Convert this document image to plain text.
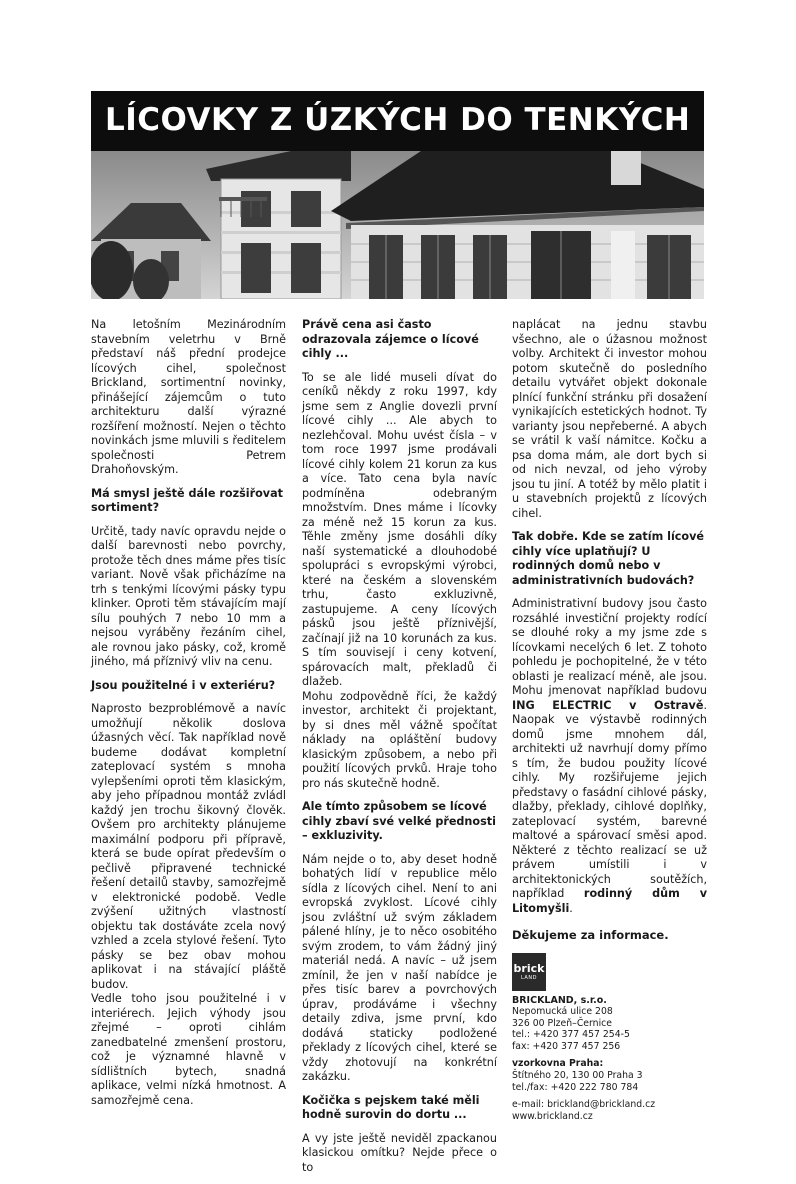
LÍCOVKY Z ÚZKÝCH DO TENKÝCH

Na letošním Mezinárodním stavebním veletrhu v Brně představí náš přední prodejce lícových cihel, společnost Brickland, sortimentní novinky, přinášející zájemcům o tuto architekturu další výrazné rozšíření možností. Nejen o těchto novinkách jsme mluvili s ředitelem společnosti Petrem Drahoňovským.

Má smysl ještě dále rozšiřovat sortiment?

Určitě, tady navíc opravdu nejde o další barevnosti nebo povrchy, protože těch dnes máme přes tisíc variant. Nově však přicházíme na trh s tenkými lícovými pásky typu klinker. Oproti těm stávajícím mají sílu pouhých 7 nebo 10 mm a nejsou vyráběny řezáním cihel, ale rovnou jako pásky, což, kromě jiného, má příznivý vliv na cenu.

Jsou použitelné i v exteriéru?

Naprosto bezproblémově a navíc umožňují několik doslova úžasných věcí. Tak například nově budeme dodávat kompletní zateplovací systém s mnoha vylepšeními oproti těm klasickým, aby jeho případnou montáž zvládl každý jen trochu šikovný člověk. Ovšem pro architekty plánujeme maximální podporu při přípravě, která se bude opírat především o pečlivě připravené technické řešení detailů stavby, samozřejmě v elektronické podobě. Vedle zvýšení užitných vlastností objektu tak dostáváte zcela nový vzhled a zcela stylové řešení. Tyto pásky se bez obav mohou aplikovat i na stávající pláště budov.

Vedle toho jsou použitelné i v interiérech. Jejich výhody jsou zřejmé – oproti cihlám zanedbatelné zmenšení prostoru, což je významné hlavně v sídlištních bytech, snadná aplikace, velmi nízká hmotnost. A samozřejmě cena.

Právě cena asi často odrazovala zájemce o lícové cihly ...

To se ale lidé museli dívat do ceníků někdy z roku 1997, kdy jsme sem z Anglie dovezli první lícové cihly ... Ale abych to nezlehčoval. Mohu uvést čísla – v tom roce 1997 jsme prodávali lícové cihly kolem 21 korun za kus a více. Tato cena byla navíc podmíněna odebraným množstvím. Dnes máme i lícovky za méně než 15 korun za kus. Těhle změny jsme dosáhli díky naší systematické a dlouhodobé spolupráci s evropskými výrobci, které na českém a slovenském trhu, často exkluzivně, zastupujeme. A ceny lícových pásků jsou ještě příznivější, začínají již na 10 korunách za kus. S tím souvisejí i ceny kotvení, spárovacích malt, překladů či dlažeb.

Mohu zodpovědně říci, že každý investor, architekt či projektant, by si dnes měl vážně spočítat náklady na opláštění budovy klasickým způsobem, a nebo při použití lícových prvků. Hraje toho pro nás skutečně hodně.

Ale tímto způsobem se lícové cihly zbaví své velké přednosti – exkluzivity.

Nám nejde o to, aby deset hodně bohatých lidí v republice mělo sídla z lícových cihel. Není to ani evropská zvyklost. Lícové cihly jsou zvláštní už svým základem pálené hlíny, je to něco osobitého svým zrodem, to vám žádný jiný materiál nedá. A navíc – už jsem zmínil, že jen v naší nabídce je přes tisíc barev a povrchových úprav, prodáváme i všechny detaily zdiva, jsme první, kdo dodává staticky podložené překlady z lícových cihel, které se vždy zhotovují na konkrétní zakázku.

Kočička s pejskem také měli hodně surovin do dortu ...

A vy jste ještě neviděl zpackanou klasickou omítku? Nejde přece o to

naplácat na jednu stavbu všechno, ale o úžasnou možnost volby. Architekt či investor mohou potom skutečně do posledního detailu vytvářet objekt dokonale plnící funkční stránku při dosažení vynikajících estetických hodnot. Ty varianty jsou nepřeberné. A abych se vrátil k vaší námitce. Kočku a psa doma mám, ale dort bych si od nich nevzal, od jeho výroby jsou tu jiní. A totéž by mělo platit i u stavebních projektů z lícových cihel.

Tak dobře. Kde se zatím lícové cihly více uplatňují? U rodinných domů nebo v administrativních budovách?

Administrativní budovy jsou často rozsáhlé investiční projekty rodící se dlouhé roky a my jsme zde s lícovkami necelých 6 let. Z tohoto pohledu je pochopitelné, že v této oblasti je realizací méně, ale jsou. Mohu jmenovat například budovu ING ELECTRIC v Ostravě. Naopak ve výstavbě rodinných domů jsme mnohem dál, architekti už navrhují domy přímo s tím, že budou použity lícové cihly. My rozšiřujeme jejich představy o fasádní cihlové pásky, dlažby, překlady, cihlové doplňky, zateplovací systém, barevné maltové a spárovací směsi apod. Některé z těchto realizací se už právem umístili i v architektonických soutěžích, například rodinný dům v Litomyšli.

Děkujeme za informace.
brick
LAND
BRICKLAND, s.r.o.
Nepomucká ulice 208
326 00 Plzeň–Černice
tel.: +420 377 457 254-5
fax: +420 377 457 256
vzorkovna Praha:
Štítného 20, 130 00 Praha 3
tel./fax: +420 222 780 784
e-mail: brickland@brickland.cz
www.brickland.cz
